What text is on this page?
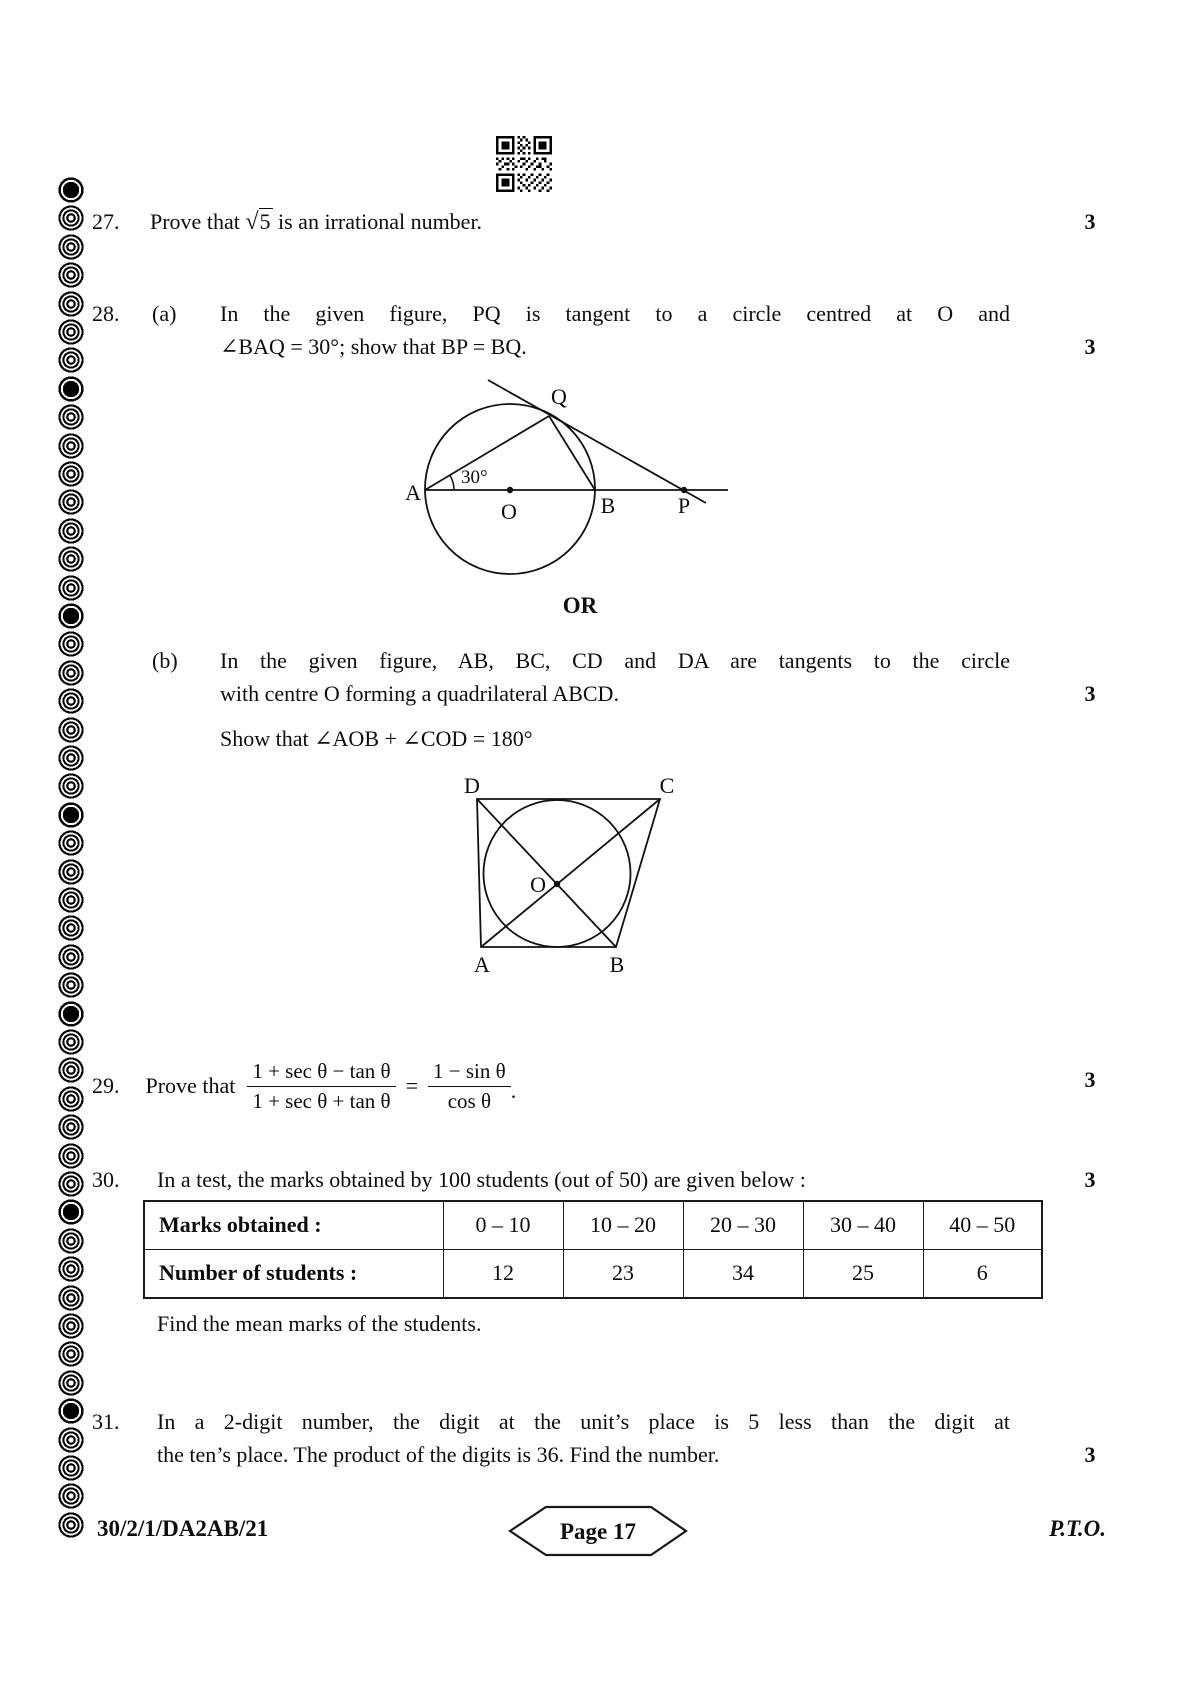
27.	Prove that √5 is an irrational number.	3
28.	(a)	In the given figure, PQ is tangent to a circle centred at O and
∠BAQ = 30°; show that BP = BQ.	3
A
Q
O	B	P
30°
OR
(b)	In the given figure, AB, BC, CD and DA are tangents to the circle
with centre O forming a quadrilateral ABCD.	3
Show that ∠AOB + ∠COD = 180°
D	C
O
A	B
29. Prove that $\frac{\text{1 + sec θ − tan θ}}{\text{1 + sec θ + tan θ}} = \frac{\text{1 − sin θ}}{\text{cos θ}}$ .	3
30.	In a test, the marks obtained by 100 students (out of 50) are given below :	3
Marks obtained :	0 – 10	10 – 20	20 – 30	30 – 40	40 – 50
Number of students :	12	23	34	25	6
Find the mean marks of the students.
31.	In a 2-digit number, the digit at the unit’s place is 5 less than the digit at
the ten’s place. The product of the digits is 36. Find the number.	3
30/2/1/DA2AB/21	Page 17	P.T.O.
